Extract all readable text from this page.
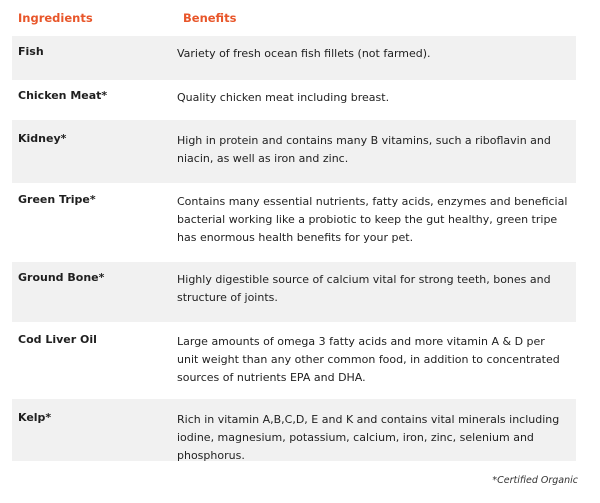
Ingredients	Benefits
Fish	Variety of fresh ocean fish fillets (not farmed).
Chicken Meat*	Quality chicken meat including breast.
Kidney*	High in protein and contains many B vitamins, such a riboflavin and niacin, as well as iron and zinc.
Green Tripe*	Contains many essential nutrients, fatty acids, enzymes and beneficial bacterial working like a probiotic to keep the gut healthy, green tripe has enormous health benefits for your pet.
Ground Bone*	Highly digestible source of calcium vital for strong teeth, bones and structure of joints.
Cod Liver Oil	Large amounts of omega 3 fatty acids and more vitamin A & D per unit weight than any other common food, in addition to concentrated sources of nutrients EPA and DHA.
Kelp*	Rich in vitamin A,B,C,D, E and K and contains vital minerals including iodine, magnesium, potassium, calcium, iron, zinc, selenium and phosphorus.
*Certified Organic
